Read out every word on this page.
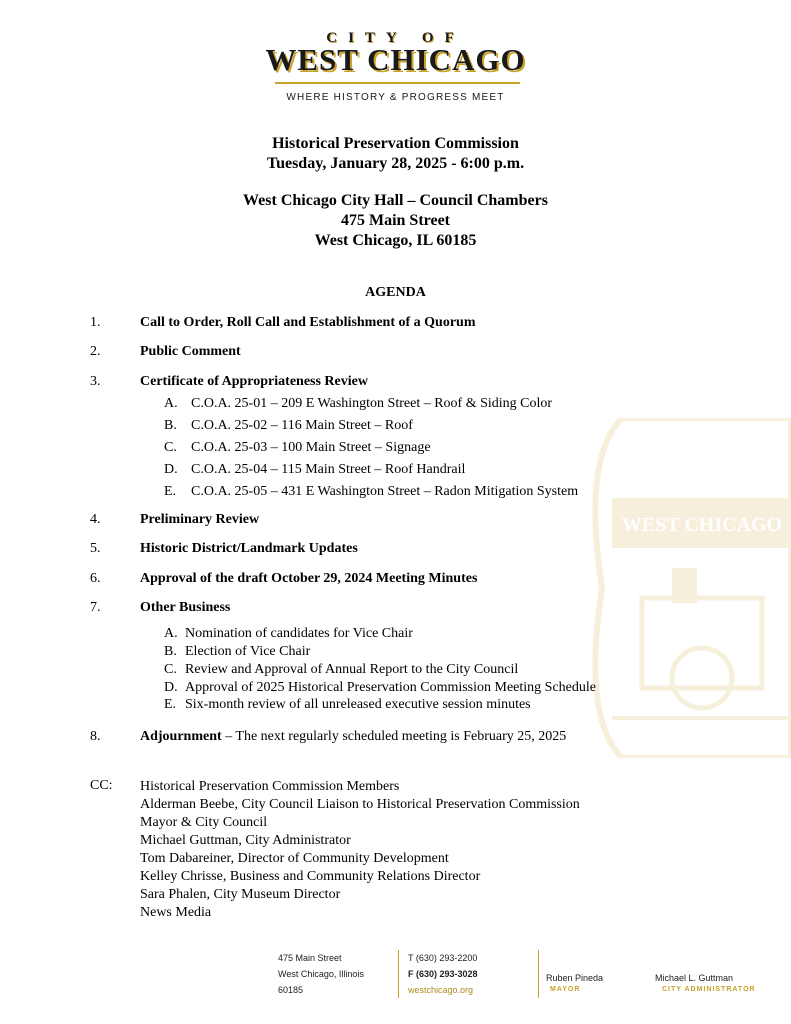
CITY OF
WEST CHICAGO
WHERE HISTORY & PROGRESS MEET
WEST CHICAGO
Historical Preservation Commission
Tuesday, January 28, 2025 - 6:00 p.m.
West Chicago City Hall – Council Chambers
475 Main Street
West Chicago, IL 60185
AGENDA
1.	Call to Order, Roll Call and Establishment of a Quorum
2.	Public Comment
3.	Certificate of Appropriateness Review
A. C.O.A. 25-01 – 209 E Washington Street – Roof & Siding Color
B. C.O.A. 25-02 – 116 Main Street – Roof
C. C.O.A. 25-03 – 100 Main Street – Signage
D. C.O.A. 25-04 – 115 Main Street – Roof Handrail
E. C.O.A. 25-05 – 431 E Washington Street – Radon Mitigation System
4.	Preliminary Review
5.	Historic District/Landmark Updates
6.	Approval of the draft October 29, 2024 Meeting Minutes
7.	Other Business
A. Nomination of candidates for Vice Chair
B. Election of Vice Chair
C. Review and Approval of Annual Report to the City Council
D. Approval of 2025 Historical Preservation Commission Meeting Schedule
E. Six-month review of all unreleased executive session minutes
8.	Adjournment – The next regularly scheduled meeting is February 25, 2025
CC: Historical Preservation Commission Members
Alderman Beebe, City Council Liaison to Historical Preservation Commission
Mayor & City Council
Michael Guttman, City Administrator
Tom Dabareiner, Director of Community Development
Kelley Chrisse, Business and Community Relations Director
Sara Phalen, City Museum Director
News Media
475 Main Street
West Chicago, Illinois
60185
T (630) 293-2200
F (630) 293-3028
westchicago.org
Ruben Pineda
MAYOR
Michael L. Guttman
CITY ADMINISTRATOR
